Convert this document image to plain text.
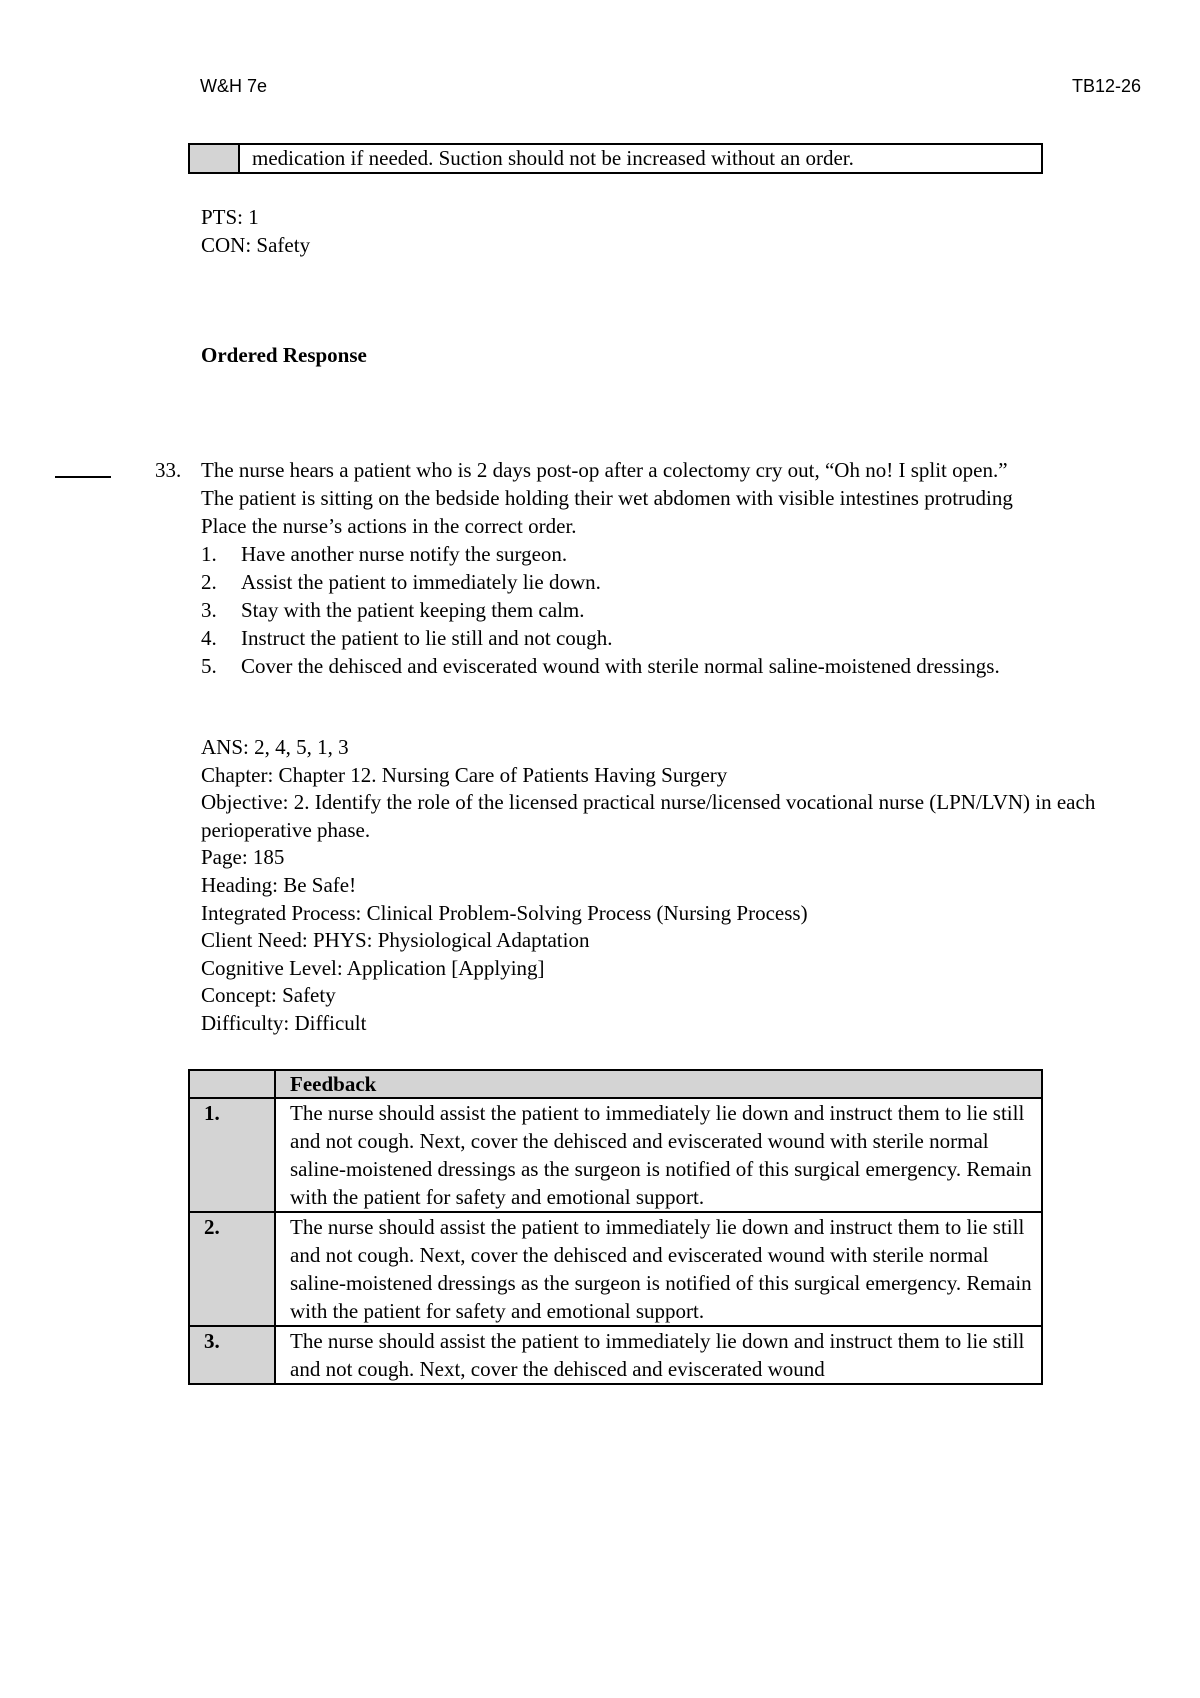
W&H 7e	TB12-26
	medication if needed. Suction should not be increased without an order.
PTS: 1
CON: Safety
Ordered Response
33. The nurse hears a patient who is 2 days post-op after a colectomy cry out, “Oh no! I split open.”

The patient is sitting on the bedside holding their wet abdomen with visible intestines protruding

Place the nurse’s actions in the correct order.

1.	Have another nurse notify the surgeon.
2.	Assist the patient to immediately lie down.
3.	Stay with the patient keeping them calm.
4.	Instruct the patient to lie still and not cough.
5.	Cover the dehisced and eviscerated wound with sterile normal saline-moistened dressings.
ANS: 2, 4, 5, 1, 3
Chapter: Chapter 12. Nursing Care of Patients Having Surgery
Objective: 2. Identify the role of the licensed practical nurse/licensed vocational nurse (LPN/LVN) in each perioperative phase.
Page: 185
Heading: Be Safe!
Integrated Process: Clinical Problem-Solving Process (Nursing Process)
Client Need: PHYS: Physiological Adaptation
Cognitive Level: Application [Applying]
Concept: Safety
Difficulty: Difficult
	Feedback
1.	The nurse should assist the patient to immediately lie down and instruct them to lie still and not cough. Next, cover the dehisced and eviscerated wound with sterile normal saline-moistened dressings as the surgeon is notified of this surgical emergency. Remain with the patient for safety and emotional support.
2.	The nurse should assist the patient to immediately lie down and instruct them to lie still and not cough. Next, cover the dehisced and eviscerated wound with sterile normal saline-moistened dressings as the surgeon is notified of this surgical emergency. Remain with the patient for safety and emotional support.
3.	The nurse should assist the patient to immediately lie down and instruct them to lie still and not cough. Next, cover the dehisced and eviscerated wound
